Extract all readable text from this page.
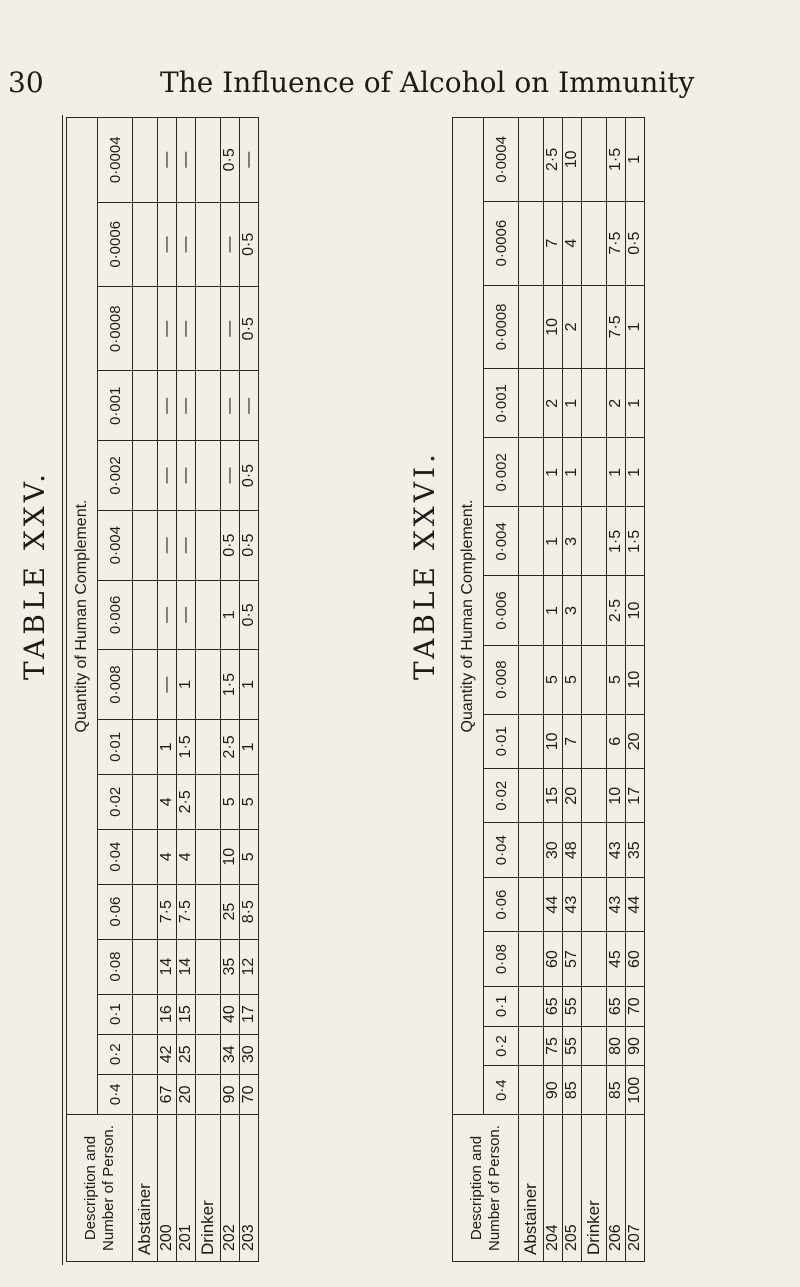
30	The Influence of Alcohol on Immunity
TABLE XXV.	TABLE XXVI.
Description and Number of Person.	Quantity of Human Complement.															
	0·4	0·2	0·1	0·08	0·06	0·04	0·02	0·01	0·008	0·006	0·004	0·002	0·001	0·0008	0·0006	0·0004
Abstainer																
200	67	42	16	14	7·5	4	4	1	—	—	—	—	—	—	—	—
201	20	25	15	14	7·5	4	2·5	1·5	1	—	—	—	—	—	—	—
Drinker																
202	90	34	40	35	25	10	5	2·5	1·5	1	0·5	—	—	—	—	0·5
203	70	30	17	12	8·5	5	5	1	1	0·5	0·5	0·5	—	0·5	0·5	—
Description and Number of Person.	Quantity of Human Complement.															
	0·4	0·2	0·1	0·08	0·06	0·04	0·02	0·01	0·008	0·006	0·004	0·002	0·001	0·0008	0·0006	0·0004
Abstainer																
204	90	75	65	60	44	30	15	10	5	1	1	1	2	10	7	2·5
205	85	55	55	57	43	48	20	7	5	3	3	1	1	2	4	10
Drinker																
206	85	80	65	45	43	43	10	6	5	2·5	1·5	1	2	7·5	7·5	1·5
207	100	90	70	60	44	35	17	20	10	10	1·5	1	1	1	0·5	1
